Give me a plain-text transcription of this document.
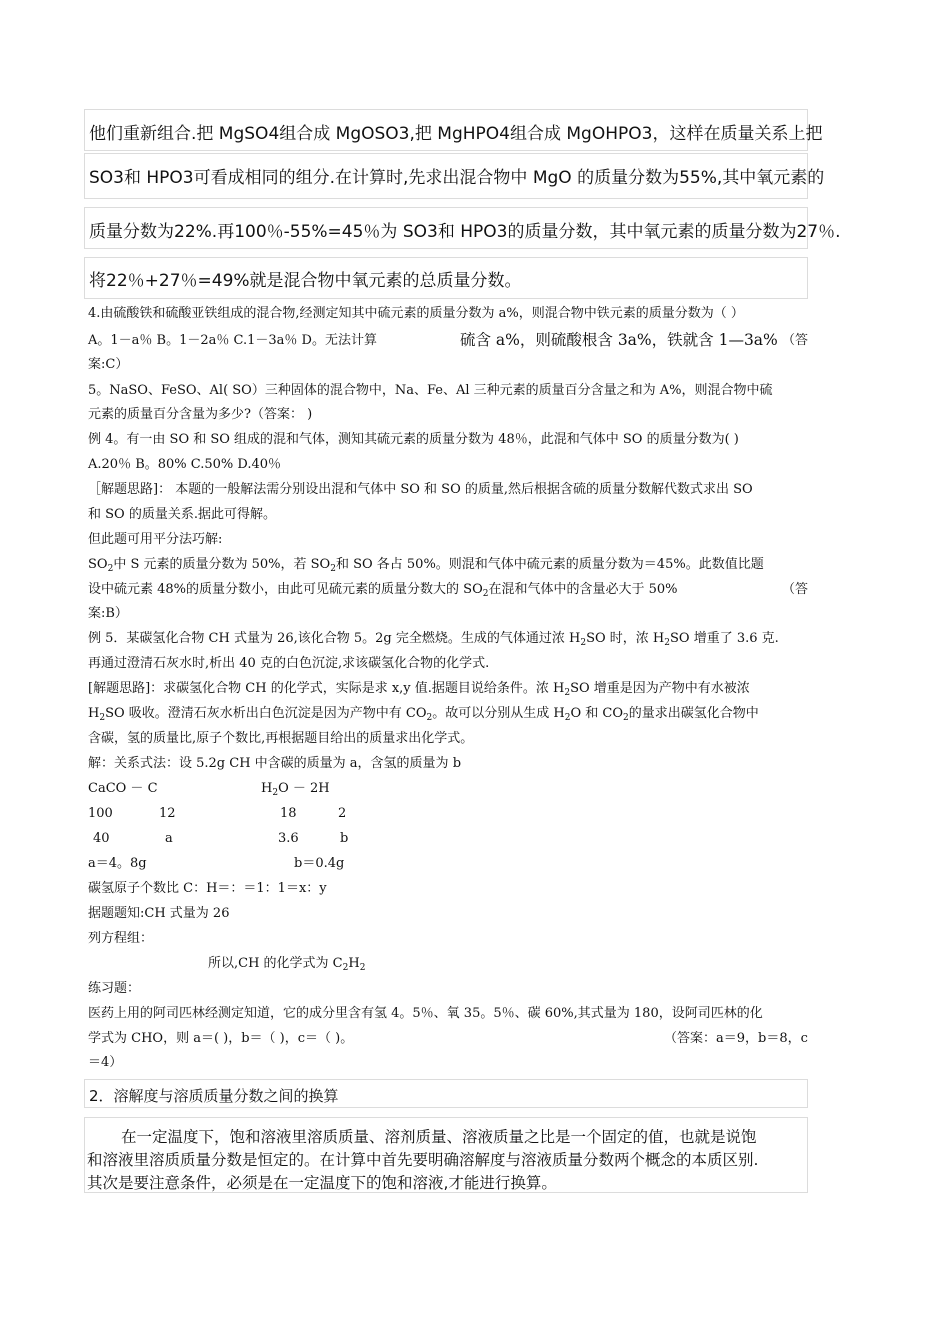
他们重新组合.把 MgSO4组合成 MgOSO3,把 MgHPO4组合成 MgOHPO3，这样在质量关系上把
SO3和 HPO3可看成相同的组分.在计算时,先求出混合物中 MgO 的质量分数为55%,其中氧元素的
质量分数为22%.再100％-55%=45％为 SO3和 HPO3的质量分数，其中氧元素的质量分数为27％.
将22％+27％=49%就是混合物中氧元素的总质量分数。
4.由硫酸铁和硫酸亚铁组成的混合物,经测定知其中硫元素的质量分数为 a%，则混合物中铁元素的质量分数为（ ）
A。1－a％ B。1－2a％ C.1－3a％ D。无法计算	硫含 a%，则硫酸根含 3a%，铁就含 1—3a% （答
案:C）
5。NaSO、FeSO、Al( SO）三种固体的混合物中，Na、Fe、Al 三种元素的质量百分含量之和为 A%，则混合物中硫
元素的质量百分含量为多少?（答案： )
例 4。有一由 SO 和 SO 组成的混和气体，测知其硫元素的质量分数为 48％，此混和气体中 SO 的质量分数为( )
A.20％ B。80% C.50% D.40％
［解题思路]： 本题的一般解法需分别设出混和气体中 SO 和 SO 的质量,然后根据含硫的质量分数解代数式求出 SO
和 SO 的质量关系.据此可得解。
但此题可用平分法巧解:
$SO_2$中 S 元素的质量分数为 50%，若 $SO_2$和 SO 各占 50%。则混和气体中硫元素的质量分数为＝45%。此数值比题
设中硫元素 48%的质量分数小，由此可见硫元素的质量分数大的 $SO_2$在混和气体中的含量必大于 50%	（答
案:B）
例 5．某碳氢化合物 CH 式量为 26,该化合物 5。2g 完全燃烧。生成的气体通过浓 $H_2SO$ 时，浓 $H_2SO$ 增重了 3.6 克.
再通过澄清石灰水时,析出 40 克的白色沉淀,求该碳氢化合物的化学式.
[解题思路]：求碳氢化合物 CH 的化学式，实际是求 x,y 值.据题目说给条件。浓 $H_2SO$ 增重是因为产物中有水被浓
$H_2SO$ 吸收。澄清石灰水析出白色沉淀是因为产物中有 $CO_2$。故可以分别从生成 $H_2O$ 和 $CO_2$的量求出碳氢化合物中
含碳，氢的质量比,原子个数比,再根据题目给出的质量求出化学式。
解：关系式法：设 5.2g CH 中含碳的质量为 a，含氢的质量为 b
CaCO － C	$H_2O - 2H$
100	12	18	2
40	a	3.6	b
a＝4。8g	b＝0.4g
碳氢原子个数比 C：H＝：＝1：1＝x：y
据题题知:CH 式量为 26
列方程组：
所以,CH 的化学式为 $C_2H_2$
练习题：
医药上用的阿司匹林经测定知道，它的成分里含有氢 4。5％、氧 35。5％、碳 60%,其式量为 180，设阿司匹林的化
学式为 CHO，则 a＝( )，b＝（ )，c＝（ )。	（答案：a＝9，b＝8，c
＝4）
2．溶解度与溶质质量分数之间的换算
在一定温度下，饱和溶液里溶质质量、溶剂质量、溶液质量之比是一个固定的值，也就是说饱
和溶液里溶质质量分数是恒定的。在计算中首先要明确溶解度与溶液质量分数两个概念的本质区别.
其次是要注意条件，必须是在一定温度下的饱和溶液,才能进行换算。
